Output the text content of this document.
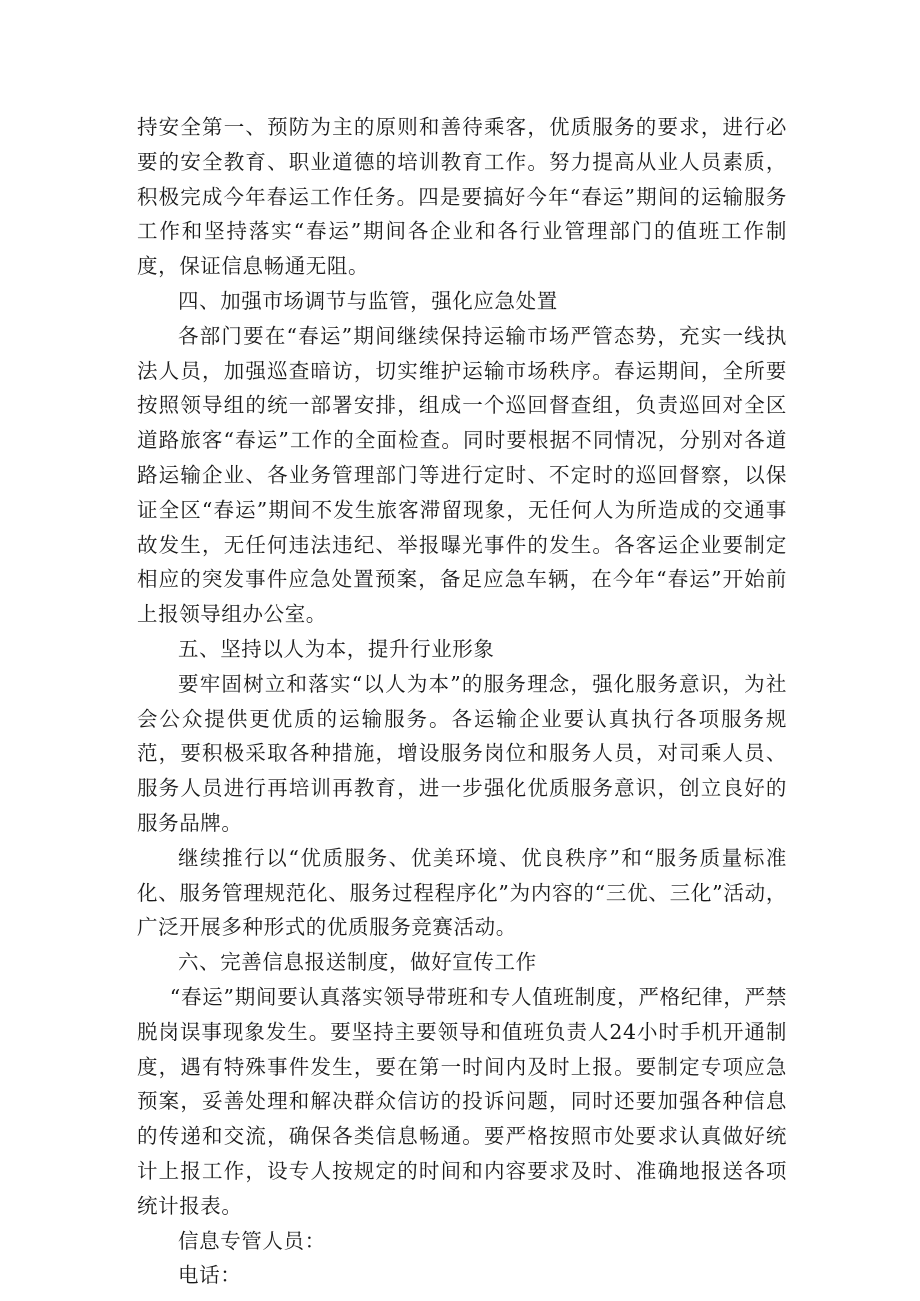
持安全第一、预防为主的原则和善待乘客，优质服务的要求，进行必要的安全教育、职业道德的培训教育工作。努力提高从业人员素质，积极完成今年春运工作任务。四是要搞好今年“春运”期间的运输服务工作和坚持落实“春运”期间各企业和各行业管理部门的值班工作制度，保证信息畅通无阻。

四、加强市场调节与监管，强化应急处置

各部门要在“春运”期间继续保持运输市场严管态势，充实一线执法人员，加强巡查暗访，切实维护运输市场秩序。春运期间，全所要按照领导组的统一部署安排，组成一个巡回督查组，负责巡回对全区道路旅客“春运”工作的全面检查。同时要根据不同情况，分别对各道路运输企业、各业务管理部门等进行定时、不定时的巡回督察，以保证全区“春运”期间不发生旅客滞留现象，无任何人为所造成的交通事故发生，无任何违法违纪、举报曝光事件的发生。各客运企业要制定相应的突发事件应急处置预案，备足应急车辆，在今年“春运”开始前上报领导组办公室。

五、坚持以人为本，提升行业形象

要牢固树立和落实“以人为本”的服务理念，强化服务意识，为社会公众提供更优质的运输服务。各运输企业要认真执行各项服务规范，要积极采取各种措施，增设服务岗位和服务人员，对司乘人员、服务人员进行再培训再教育，进一步强化优质服务意识，创立良好的服务品牌。

继续推行以“优质服务、优美环境、优良秩序”和“服务质量标准化、服务管理规范化、服务过程程序化”为内容的“三优、三化”活动，广泛开展多种形式的优质服务竞赛活动。

六、完善信息报送制度，做好宣传工作

“春运”期间要认真落实领导带班和专人值班制度，严格纪律，严禁脱岗误事现象发生。要坚持主要领导和值班负责人24小时手机开通制度，遇有特殊事件发生，要在第一时间内及时上报。要制定专项应急预案，妥善处理和解决群众信访的投诉问题，同时还要加强各种信息的传递和交流，确保各类信息畅通。要严格按照市处要求认真做好统计上报工作，设专人按规定的时间和内容要求及时、准确地报送各项统计报表。

信息专管人员：

电话：
